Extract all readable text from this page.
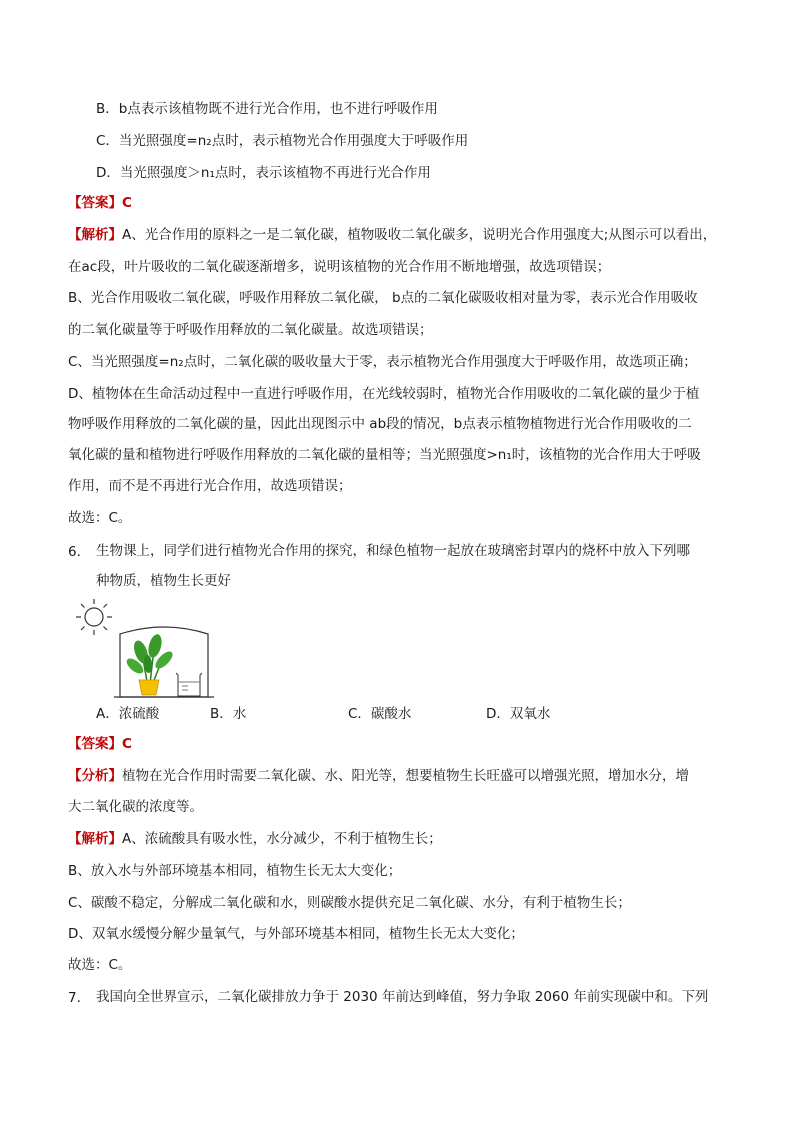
B．b点表示该植物既不进行光合作用，也不进行呼吸作用
C．当光照强度=n₂点时，表示植物光合作用强度大于呼吸作用
D．当光照强度＞n₁点时，表示该植物不再进行光合作用
【答案】C
【解析】A、光合作用的原料之一是二氧化碳，植物吸收二氧化碳多，说明光合作用强度大;从图示可以看出，
在ac段，叶片吸收的二氧化碳逐渐增多，说明该植物的光合作用不断地增强，故选项错误；
B、光合作用吸收二氧化碳，呼吸作用释放二氧化碳， b点的二氧化碳吸收相对量为零，表示光合作用吸收
的二氧化碳量等于呼吸作用释放的二氧化碳量。故选项错误；
C、当光照强度=n₂点时，二氧化碳的吸收量大于零，表示植物光合作用强度大于呼吸作用，故选项正确；
D、植物体在生命活动过程中一直进行呼吸作用，在光线较弱时，植物光合作用吸收的二氧化碳的量少于植
物呼吸作用释放的二氧化碳的量，因此出现图示中 ab段的情况，b点表示植物植物进行光合作用吸收的二
氧化碳的量和植物进行呼吸作用释放的二氧化碳的量相等；当光照强度>n₁时，该植物的光合作用大于呼吸
作用，而不是不再进行光合作用，故选项错误；
故选：C。
6. 生物课上，同学们进行植物光合作用的探究，和绿色植物一起放在玻璃密封罩内的烧杯中放入下列哪
种物质，植物生长更好
A．浓硫酸	B．水	C．碳酸水	D．双氧水
【答案】C
【分析】植物在光合作用时需要二氧化碳、水、阳光等，想要植物生长旺盛可以增强光照，增加水分，增
大二氧化碳的浓度等。
【解析】A、浓硫酸具有吸水性，水分减少，不利于植物生长；
B、放入水与外部环境基本相同，植物生长无太大变化；
C、碳酸不稳定，分解成二氧化碳和水，则碳酸水提供充足二氧化碳、水分，有利于植物生长；
D、双氧水缓慢分解少量氧气，与外部环境基本相同，植物生长无太大变化；
故选：C。
7. 我国向全世界宣示，二氧化碳排放力争于 2030 年前达到峰值，努力争取 2060 年前实现碳中和。下列
